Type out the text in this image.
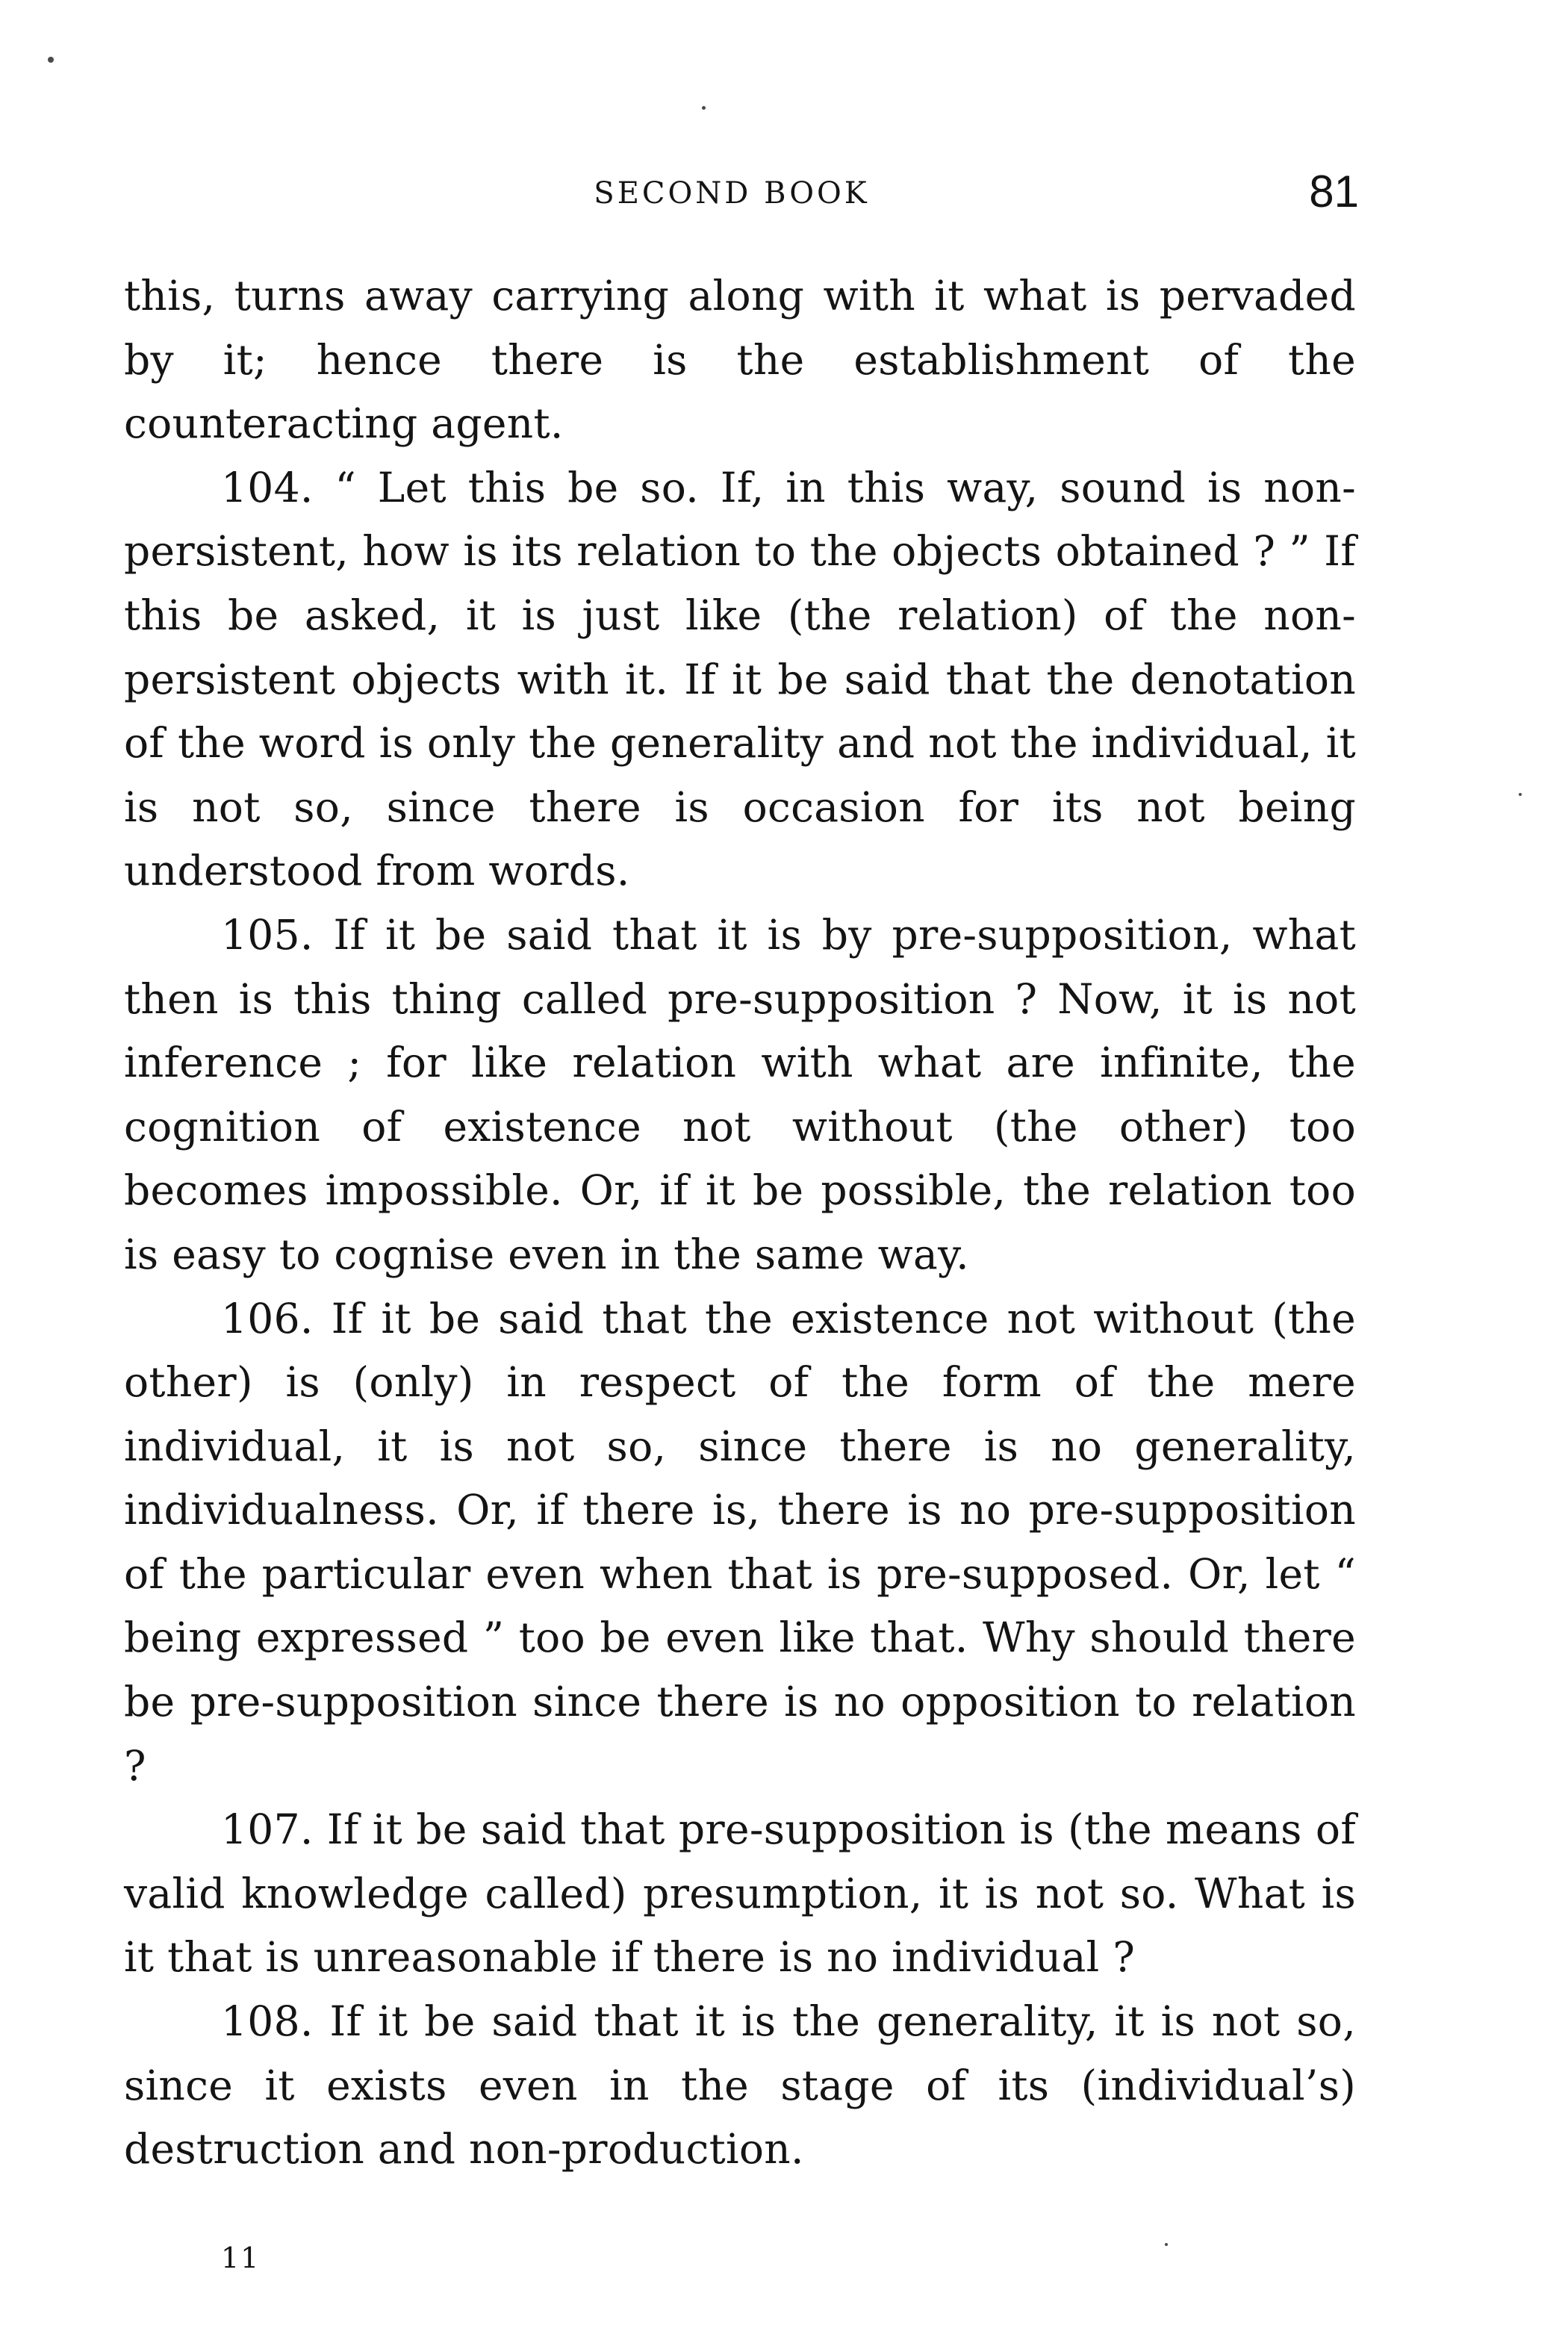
SECOND BOOK	81

this, turns away carrying along with it what is pervaded by it; hence there is the establishment of the counteracting agent.

104. “ Let this be so. If, in this way, sound is non-persistent, how is its relation to the objects obtained ? ” If this be asked, it is just like (the relation) of the non-persistent objects with it. If it be said that the denotation of the word is only the generality and not the individual, it is not so, since there is occasion for its not being understood from words.

105. If it be said that it is by pre-supposition, what then is this thing called pre-supposition ? Now, it is not inference ; for like relation with what are infinite, the cognition of existence not without (the other) too becomes impossible. Or, if it be possible, the relation too is easy to cognise even in the same way.

106. If it be said that the existence not without (the other) is (only) in respect of the form of the mere individual, it is not so, since there is no generality, individualness. Or, if there is, there is no pre-supposition of the particular even when that is pre-supposed. Or, let “ being expressed ” too be even like that. Why should there be pre-supposition since there is no opposition to relation ?

107. If it be said that pre-supposition is (the means of valid knowledge called) presumption, it is not so. What is it that is unreasonable if there is no individual ?

108. If it be said that it is the generality, it is not so, since it exists even in the stage of its (individual’s) destruction and non-production.

11
